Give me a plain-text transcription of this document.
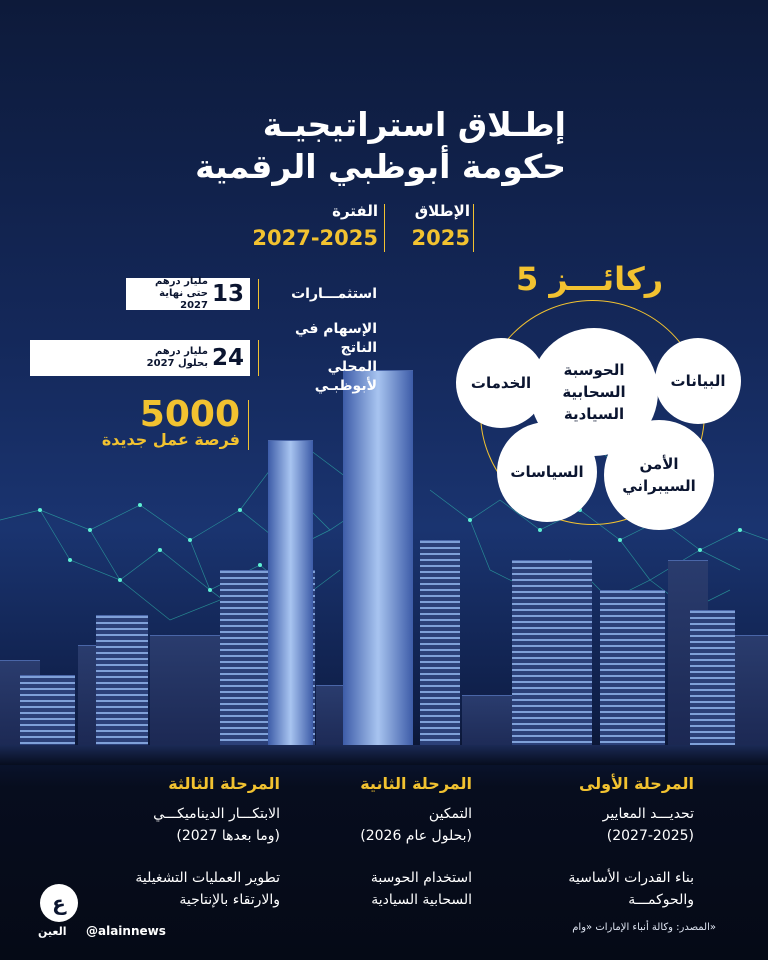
إطـلاق استراتيجيـة
حكومة أبوظبي الرقمية
الإطلاق
2025
الفترة
2027-2025
مليار درهم
حتى نهاية 2027 13	استثمـــارات
مليار درهم
بحلول 2027 24
الإسهام في الناتج
المحلي لأبوظبـي
5000
فرصة عمل جديدة
5 ركائـــز
الحوسبة السحابية السيادية
البيانات
الخدمات
الأمن السيبراني
السياسات
المرحلة الأولى
تحديـــد المعايير
(2027-2025)
بناء القدرات الأساسية
والحوكمـــة
المرحلة الثانية
التمكين
(بحلول عام 2026)
استخدام الحوسبة
السحابية السيادية
المرحلة الثالثة
الابتكـــار الديناميكـــي
(2027 وما بعدها)
تطوير العمليات التشغيلية
والارتقاء بالإنتاجية
المصدر: وكالة أنباء الإمارات «وام»
ع
العين @alainnews
